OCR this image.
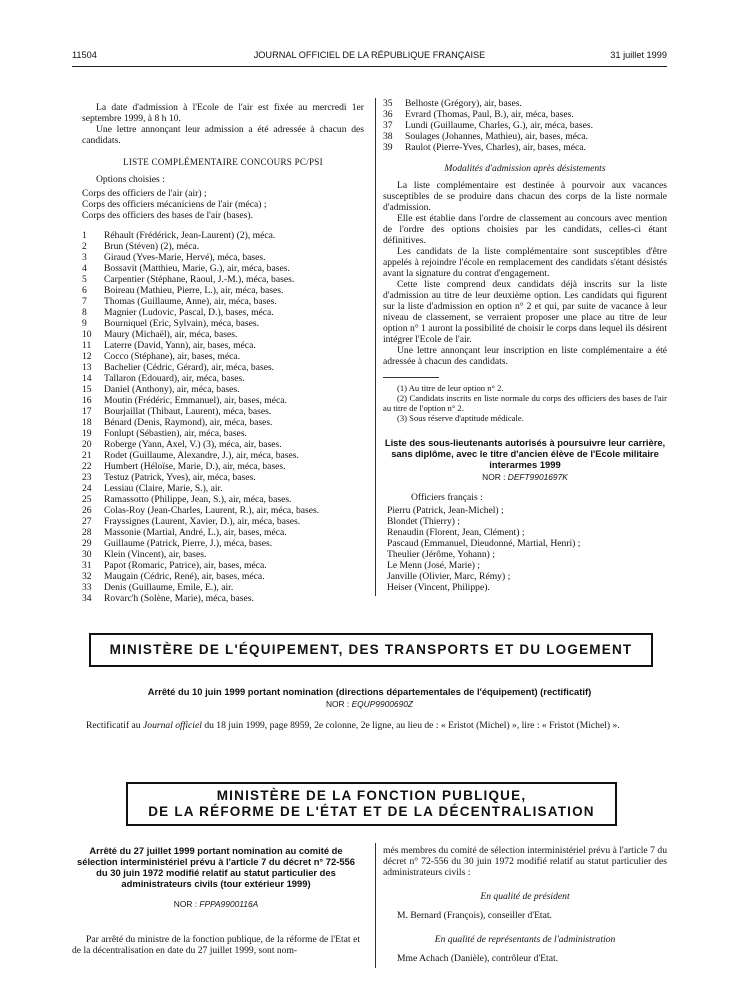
11504	JOURNAL OFFICIEL DE LA RÉPUBLIQUE FRANÇAISE	31 juillet 1999

La date d'admission à l'Ecole de l'air est fixée au mercredi 1er septembre 1999, à 8 h 10.

Une lettre annonçant leur admission a été adressée à chacun des candidats.

LISTE COMPLÉMENTAIRE CONCOURS PC/PSI
Options choisies :
Corps des officiers de l'air (air) ;
Corps des officiers mécaniciens de l'air (méca) ;
Corps des officiers des bases de l'air (bases).
1	Réhault (Frédérick, Jean-Laurent) (2), méca.
2	Brun (Stéven) (2), méca.
3	Giraud (Yves-Marie, Hervé), méca, bases.
4	Bossavit (Matthieu, Marie, G.), air, méca, bases.
5	Carpentier (Stéphane, Raoul, J.-M.), méca, bases.
6	Boireau (Mathieu, Pierre, L.), air, méca, bases.
7	Thomas (Guillaume, Anne), air, méca, bases.
8	Magnier (Ludovic, Pascal, D.), bases, méca.
9	Bourniquel (Eric, Sylvain), méca, bases.
10	Maury (Michaël), air, méca, bases.
11	Laterre (David, Yann), air, bases, méca.
12	Cocco (Stéphane), air, bases, méca.
13	Bachelier (Cédric, Gérard), air, méca, bases.
14	Tallaron (Edouard), air, méca, bases.
15	Daniel (Anthony), air, méca, bases.
16	Moutin (Frédéric, Emmanuel), air, bases, méca.
17	Bourjaillat (Thibaut, Laurent), méca, bases.
18	Bénard (Denis, Raymond), air, méca, bases.
19	Fonlupt (Sébastien), air, méca, bases.
20	Roberge (Yann, Axel, V.) (3), méca, air, bases.
21	Rodet (Guillaume, Alexandre, J.), air, méca, bases.
22	Humbert (Héloïse, Marie, D.), air, méca, bases.
23	Testuz (Patrick, Yves), air, méca, bases.
24	Lessiau (Claire, Marie, S.), air.
25	Ramassotto (Philippe, Jean, S.), air, méca, bases.
26	Colas-Roy (Jean-Charles, Laurent, R.), air, méca, bases.
27	Frayssignes (Laurent, Xavier, D.), air, méca, bases.
28	Massonie (Martial, André, L.), air, bases, méca.
29	Guillaume (Patrick, Pierre, J.), méca, bases.
30	Klein (Vincent), air, bases.
31	Papot (Romaric, Patrice), air, bases, méca.
32	Maugain (Cédric, René), air, bases, méca.
33	Denis (Guillaume, Emile, E.), air.
34	Rovarc'h (Solène, Marie), méca, bases.
35	Belhoste (Grégory), air, bases.
36	Evrard (Thomas, Paul, B.), air, méca, bases.
37	Lundi (Guillaume, Charles, G.), air, méca, bases.
38	Soulages (Johannes, Mathieu), air, bases, méca.
39	Raulot (Pierre-Yves, Charles), air, bases, méca.
Modalités d'admission après désistements

La liste complémentaire est destinée à pourvoir aux vacances susceptibles de se produire dans chacun des corps de la liste normale d'admission.

Elle est établie dans l'ordre de classement au concours avec mention de l'ordre des options choisies par les candidats, celles-ci étant définitives.

Les candidats de la liste complémentaire sont susceptibles d'être appelés à rejoindre l'école en remplacement des candidats s'étant désistés avant la signature du contrat d'engagement.

Cette liste comprend deux candidats déjà inscrits sur la liste d'admission au titre de leur deuxième option. Les candidats qui figurent sur la liste d'admission en option n° 2 et qui, par suite de vacance à leur niveau de classement, se verraient proposer une place au titre de leur option n° 1 auront la possibilité de choisir le corps dans lequel ils désirent intégrer l'Ecole de l'air.

Une lettre annonçant leur inscription en liste complémentaire a été adressée à chacun des candidats.

(1) Au titre de leur option n° 2.

(2) Candidats inscrits en liste normale du corps des officiers des bases de l'air au titre de l'option n° 2.

(3) Sous réserve d'aptitude médicale.

Liste des sous-lieutenants autorisés à poursuivre leur carrière, sans diplôme, avec le titre d'ancien élève de l'Ecole militaire interarmes 1999
NOR : DEFT9901697K
Officiers français :
Pierru (Patrick, Jean-Michel) ;
Blondet (Thierry) ;
Renaudin (Florent, Jean, Clément) ;
Pascaud (Emmanuel, Dieudonné, Martial, Henri) ;
Theulier (Jérôme, Yohann) ;
Le Menn (José, Marie) ;
Janville (Olivier, Marc, Rémy) ;
Heiser (Vincent, Philippe).
MINISTÈRE DE L'ÉQUIPEMENT, DES TRANSPORTS ET DU LOGEMENT
Arrêté du 10 juin 1999 portant nomination (directions départementales de l'équipement) (rectificatif)
NOR : EQUP9900690Z
Rectificatif au Journal officiel du 18 juin 1999, page 8959, 2e colonne, 2e ligne, au lieu de : « Eristot (Michel) », lire : « Fristot (Michel) ».
MINISTÈRE DE LA FONCTION PUBLIQUE,
DE LA RÉFORME DE L'ÉTAT ET DE LA DÉCENTRALISATION
Arrêté du 27 juillet 1999 portant nomination au comité de sélection interministériel prévu à l'article 7 du décret n° 72-556 du 30 juin 1972 modifié relatif au statut particulier des administrateurs civils (tour extérieur 1999)
NOR : FPPA9900116A

Par arrêté du ministre de la fonction publique, de la réforme de l'Etat et de la décentralisation en date du 27 juillet 1999, sont nom-

més membres du comité de sélection interministériel prévu à l'article 7 du décret n° 72-556 du 30 juin 1972 modifié relatif au statut particulier des administrateurs civils :

En qualité de président
M. Bernard (François), conseiller d'Etat.
En qualité de représentants de l'administration
Mme Achach (Danièle), contrôleur d'Etat.
